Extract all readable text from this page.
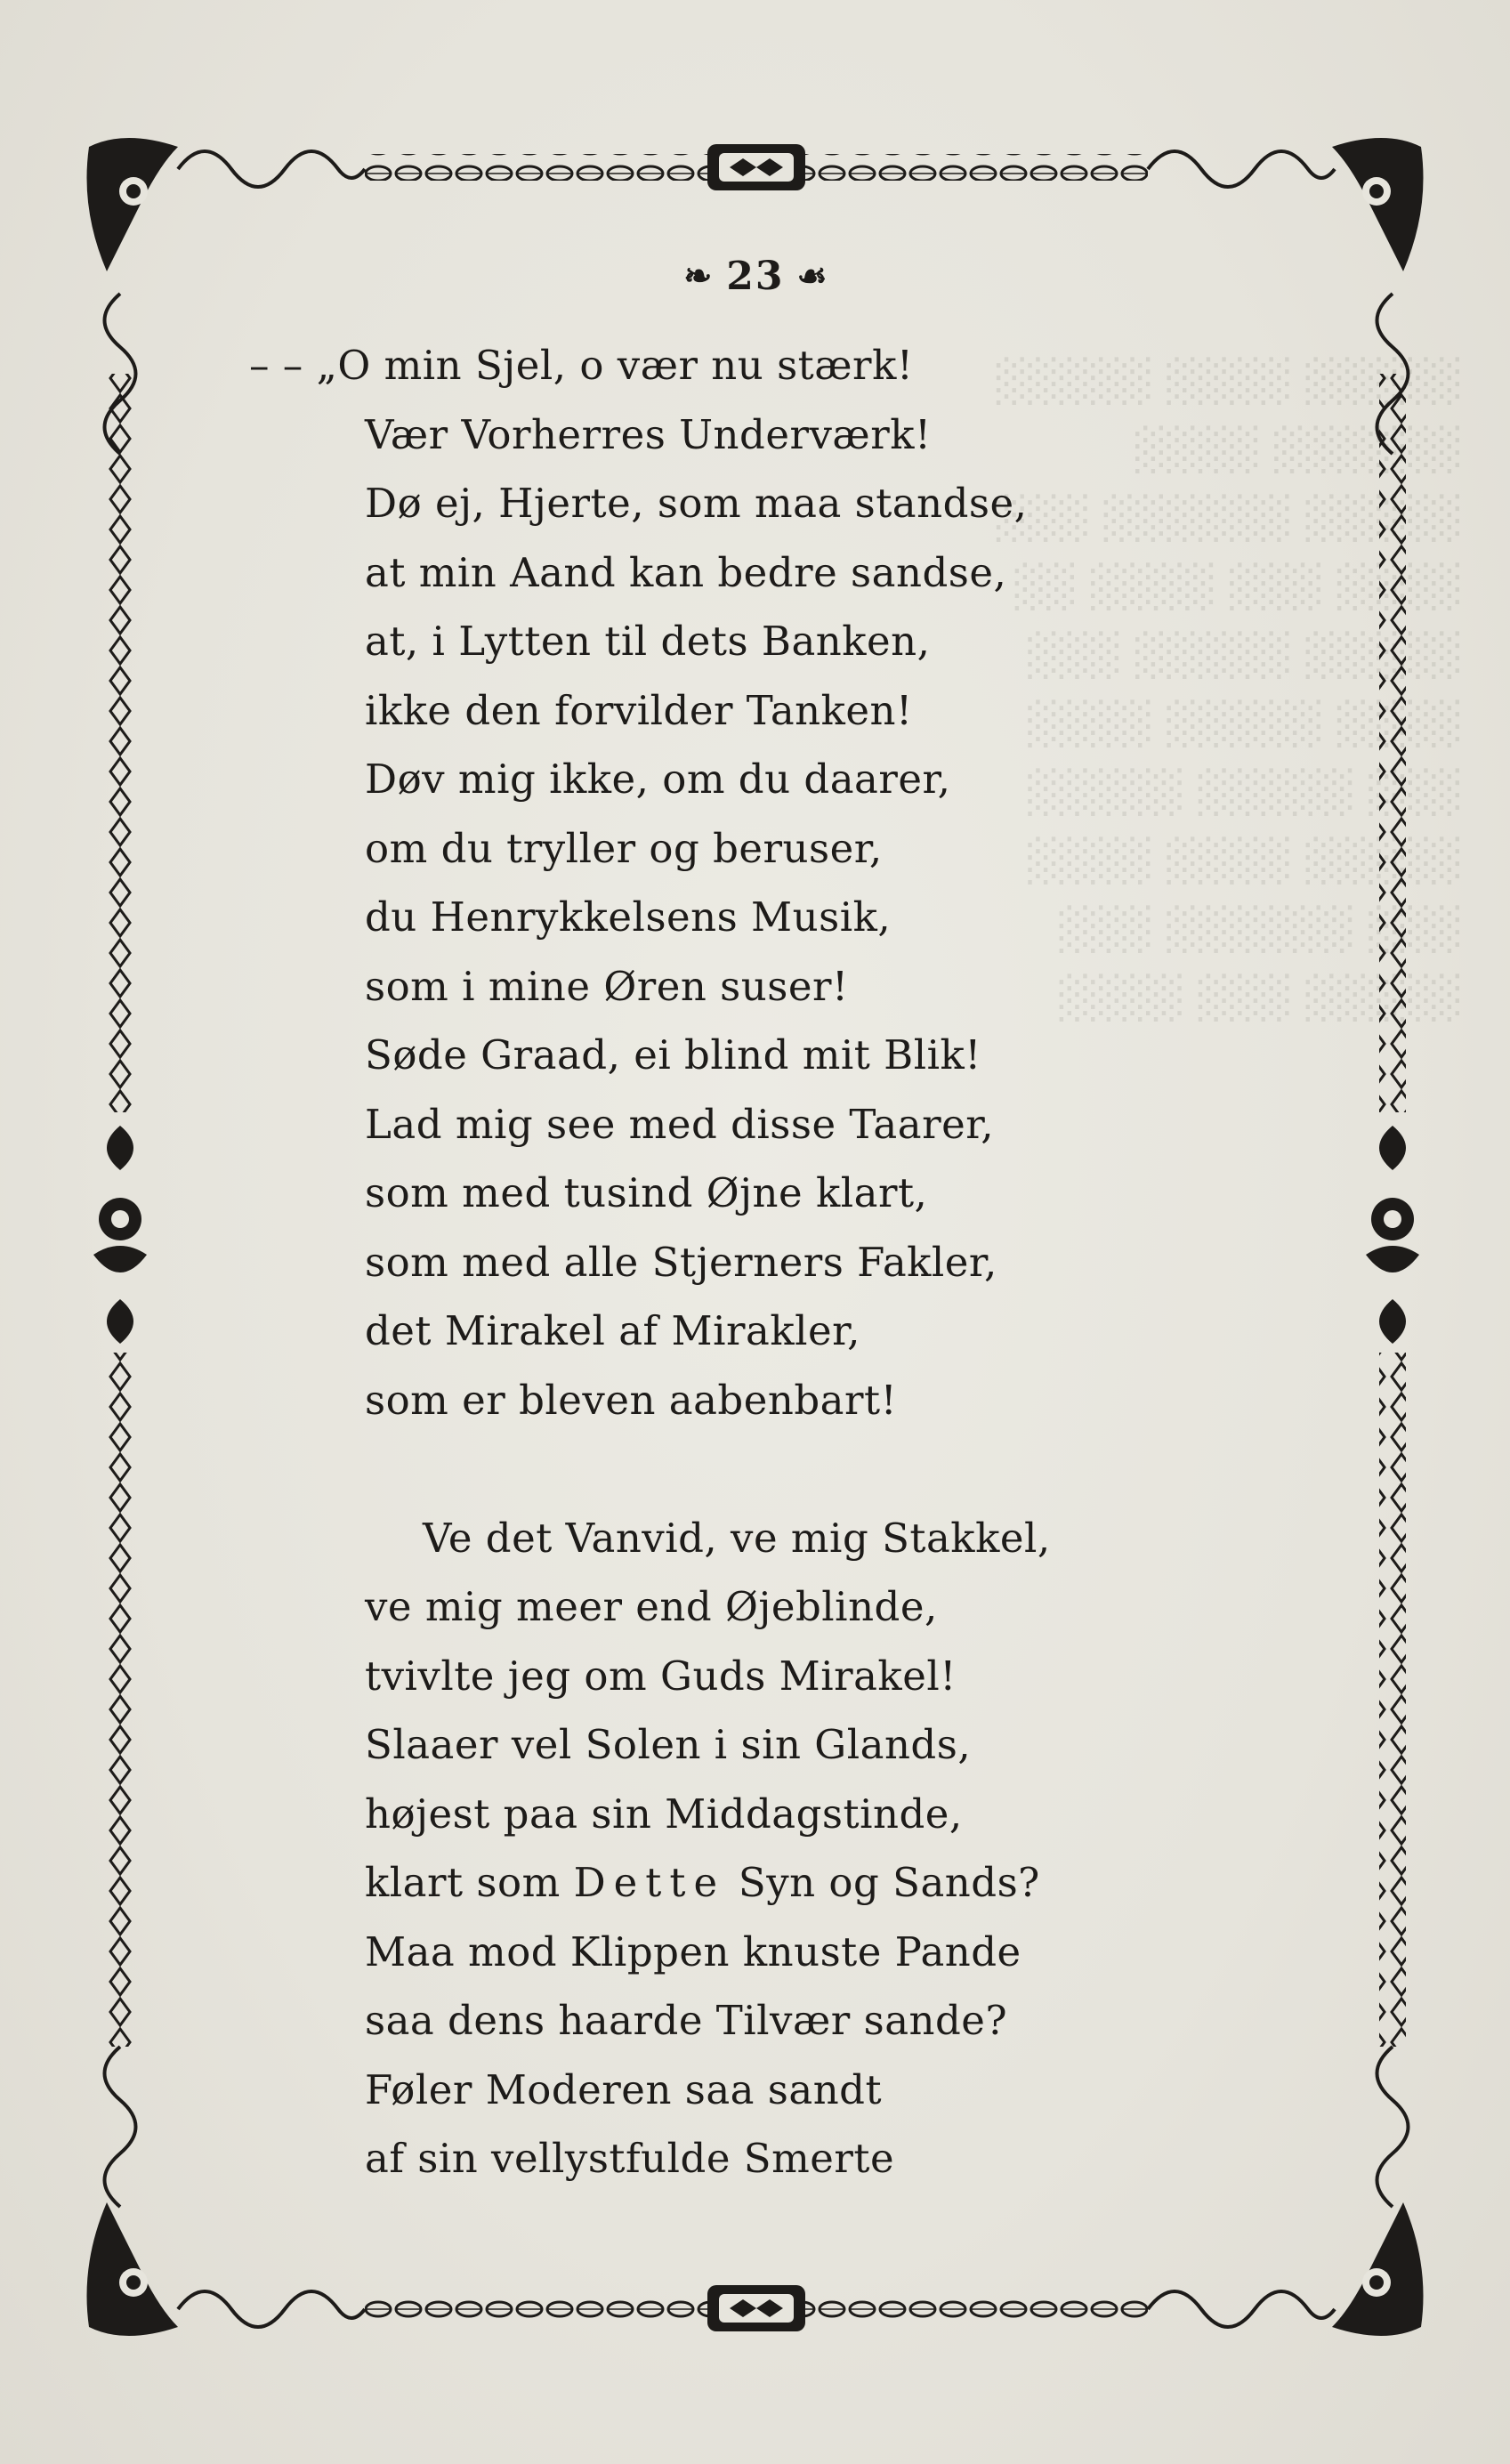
░░░░░ ░░░░ ░░░░░
░░░░░░ ░░░░
░░░░░ ░░░░░░ ░░░
░░░░ ░░░ ░░░░ ░░
░░░░░ ░░░░░ ░░░
░░░░ ░░░░░ ░░░░
░░░ ░░░░░ ░░░░░
░░░░░ ░░░░ ░░░░
░░░ ░░░░░░ ░░░
░░░░░ ░░░ ░░░░
❧ 23 ☙
– – „O min Sjel, o vær nu stærk!
Vær Vorherres Underværk!
Dø ej, Hjerte, som maa standse,
at min Aand kan bedre sandse,
at, i Lytten til dets Banken,
ikke den forvilder Tanken!
Døv mig ikke, om du daarer,
om du tryller og beruser,
du Henrykkelsens Musik,
som i mine Øren suser!
Søde Graad, ei blind mit Blik!
Lad mig see med disse Taarer,
som med tusind Øjne klart,
som med alle Stjerners Fakler,
det Mirakel af Mirakler,
som er bleven aabenbart!
Ve det Vanvid, ve mig Stakkel,
ve mig meer end Øjeblinde,
tvivlte jeg om Guds Mirakel!
Slaaer vel Solen i sin Glands,
højest paa sin Middagstinde,
klart som Dette Syn og Sands?
Maa mod Klippen knuste Pande
saa dens haarde Tilvær sande?
Føler Moderen saa sandt
af sin vellystfulde Smerte
